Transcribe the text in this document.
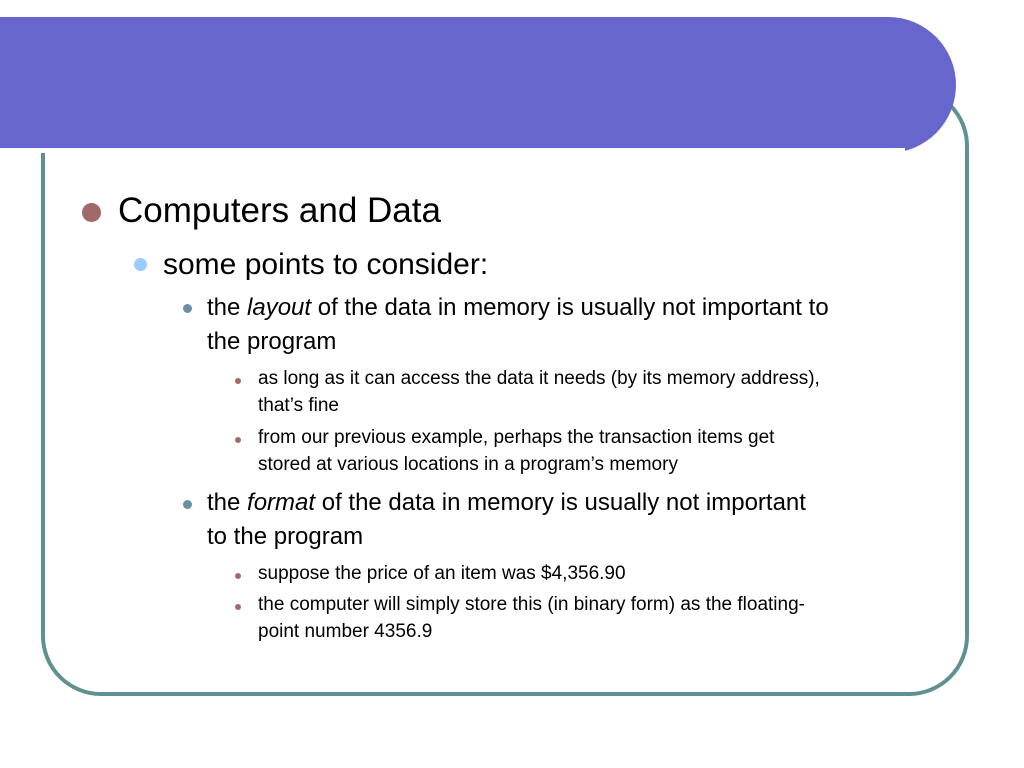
Computers and Data
some points to consider:
the layout of the data in memory is usually not important to
the program
as long as it can access the data it needs (by its memory address),
that’s fine
from our previous example, perhaps the transaction items get
stored at various locations in a program’s memory
the format of the data in memory is usually not important
to the program
suppose the price of an item was $4,356.90
the computer will simply store this (in binary form) as the floating-
point number 4356.9
